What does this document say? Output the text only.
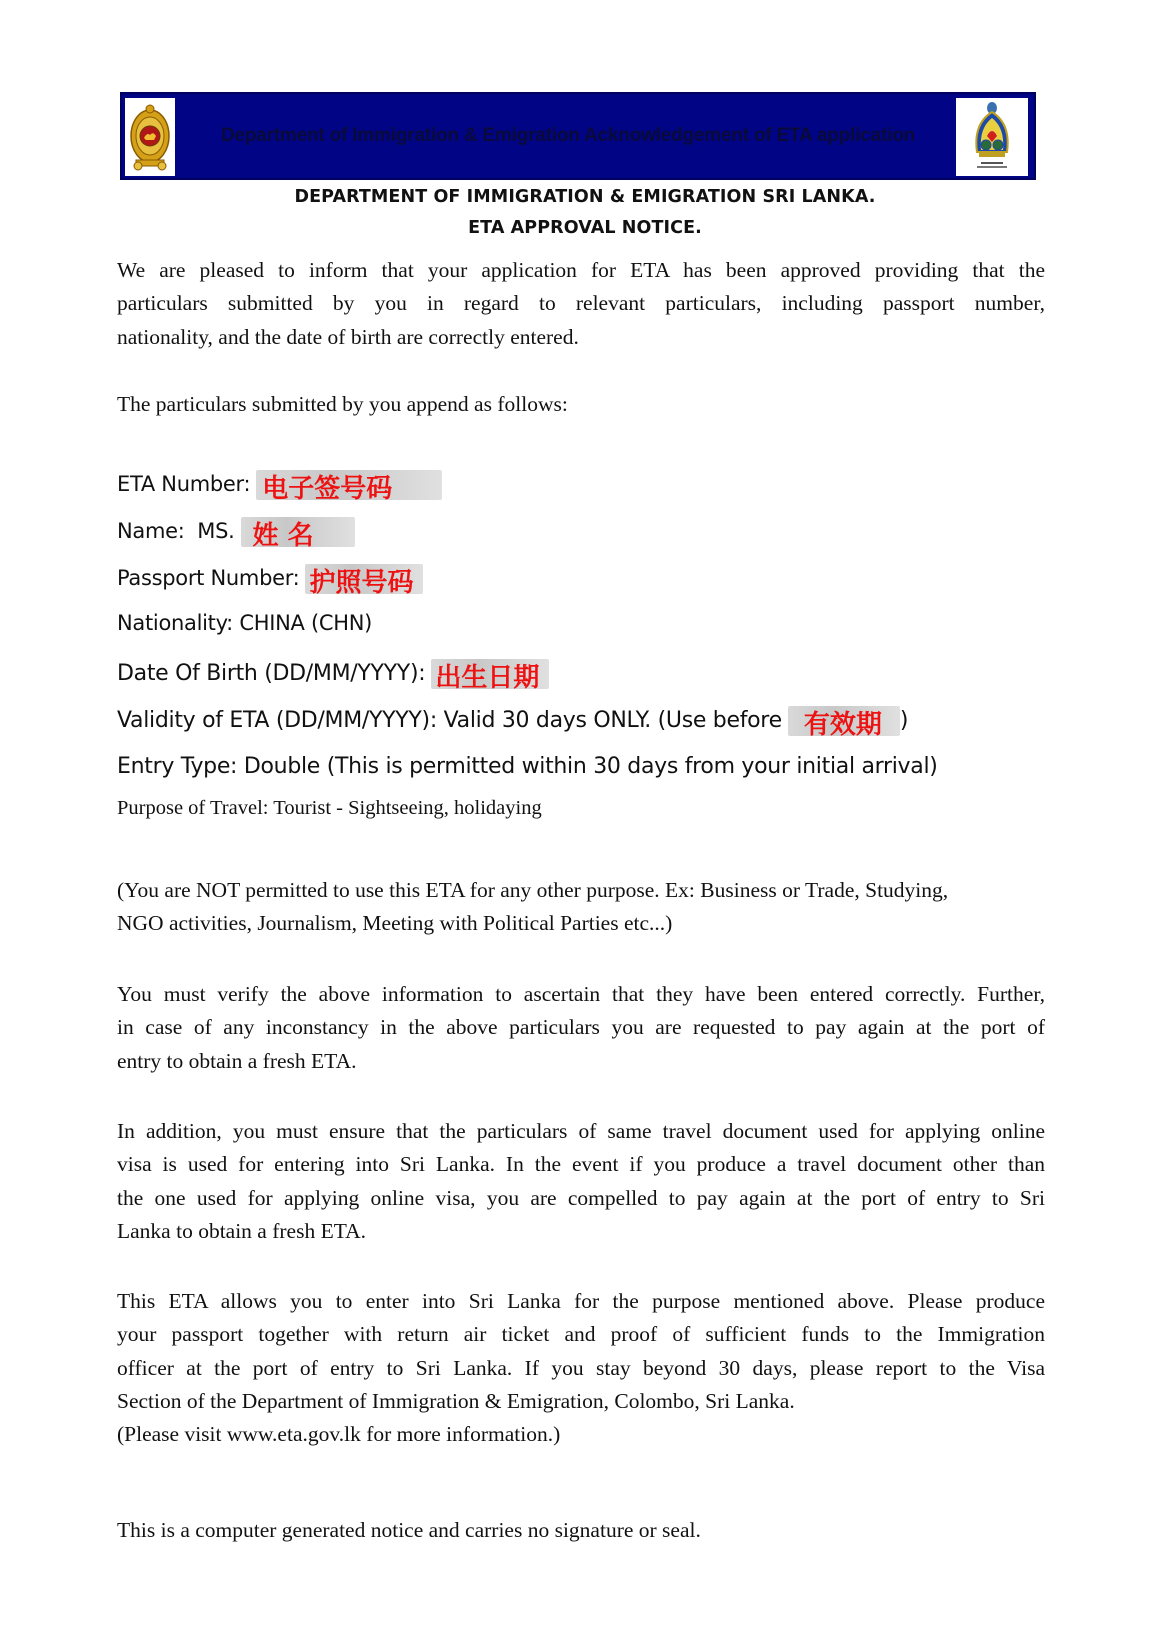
Department of Immigration & Emigration Acknowledgement of ETA application
DEPARTMENT OF IMMIGRATION & EMIGRATION SRI LANKA.
ETA APPROVAL NOTICE.
We are pleased to inform that your application for ETA has been approved providing that the
particulars submitted by you in regard to relevant particulars, including passport number,
nationality, and the date of birth are correctly entered.
The particulars submitted by you append as follows:
ETA Number: 电子签号码
Name:  MS. 姓 名
Passport Number: 护照号码
Nationality: CHINA (CHN)
Date Of Birth (DD/MM/YYYY): 出生日期
Validity of ETA (DD/MM/YYYY): Valid 30 days ONLY. (Use before 有效期 )
Entry Type: Double (This is permitted within 30 days from your initial arrival)
Purpose of Travel: Tourist - Sightseeing, holidaying
(You are NOT permitted to use this ETA for any other purpose. Ex: Business or Trade, Studying,
NGO activities, Journalism, Meeting with Political Parties etc...)
You must verify the above information to ascertain that they have been entered correctly. Further,
in case of any inconstancy in the above particulars you are requested to pay again at the port of
entry to obtain a fresh ETA.
In addition, you must ensure that the particulars of same travel document used for applying online
visa is used for entering into Sri Lanka. In the event if you produce a travel document other than
the one used for applying online visa, you are compelled to pay again at the port of entry to Sri
Lanka to obtain a fresh ETA.
This ETA allows you to enter into Sri Lanka for the purpose mentioned above. Please produce
your passport together with return air ticket and proof of sufficient funds to the Immigration
officer at the port of entry to Sri Lanka. If you stay beyond 30 days, please report to the Visa
Section of the Department of Immigration & Emigration, Colombo, Sri Lanka.
(Please visit www.eta.gov.lk for more information.)
This is a computer generated notice and carries no signature or seal.
